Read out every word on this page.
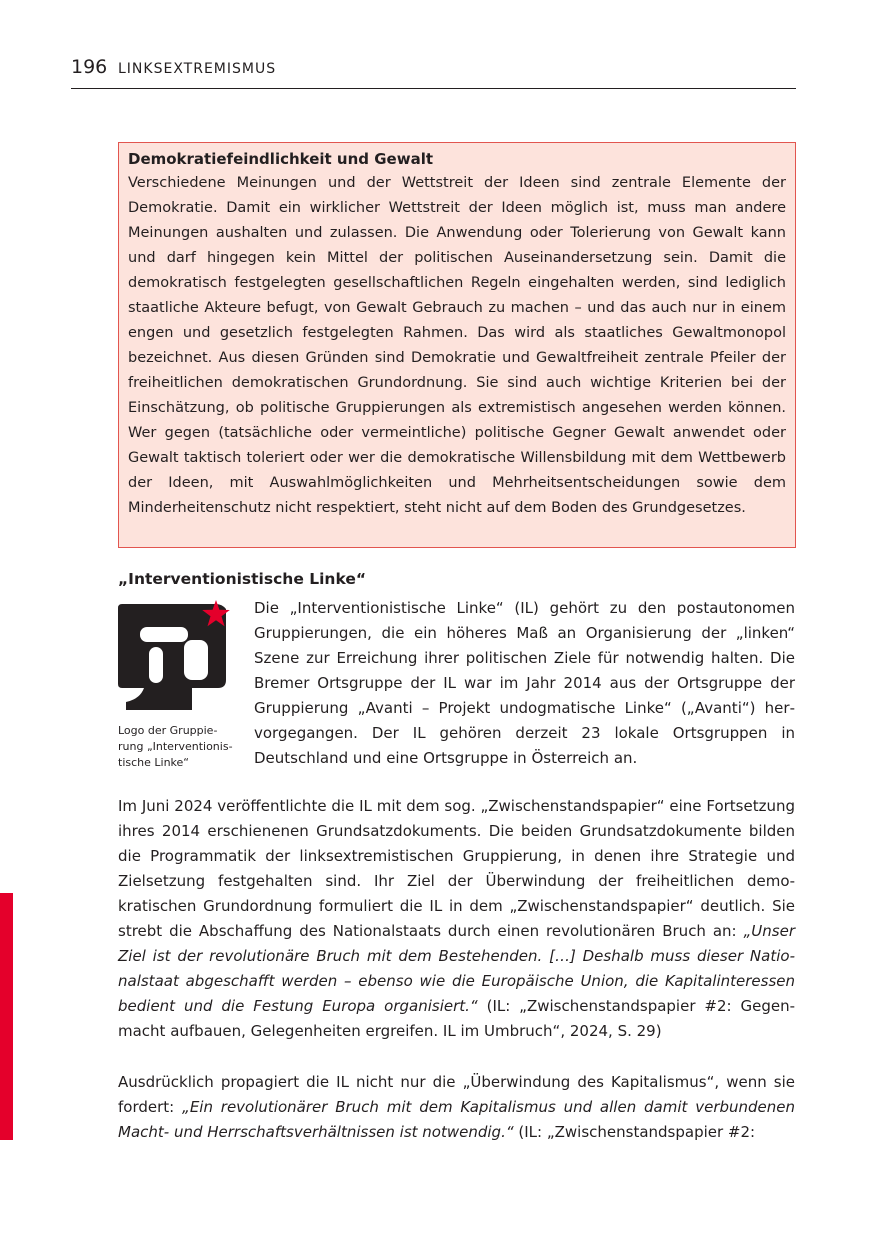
196 LINKSEXTREMISMUS
Demokratiefeindlichkeit und Gewalt
Verschiedene Meinungen und der Wettstreit der Ideen sind zentrale Elemente der Demokratie. Damit ein wirklicher Wettstreit der Ideen möglich ist, muss man andere Meinungen aushalten und zulassen. Die Anwendung oder Tolerierung von Gewalt kann und darf hingegen kein Mittel der politischen Auseinandersetzung sein. Damit die demokratisch festgelegten gesellschaftlichen Regeln eingehalten werden, sind lediglich staatliche Akteure befugt, von Gewalt Gebrauch zu machen – und das auch nur in einem engen und gesetzlich festgelegten Rahmen. Das wird als staatliches Gewaltmonopol bezeichnet. Aus diesen Gründen sind Demokratie und Gewaltfreiheit zentrale Pfeiler der freiheitlichen demokratischen Grundordnung. Sie sind auch wichtige Kriterien bei der Einschätzung, ob politische Gruppierungen als extremistisch angesehen werden können. Wer gegen (tatsächliche oder vermeintliche) politische Gegner Gewalt anwendet oder Gewalt taktisch toleriert oder wer die demokratische Willensbildung mit dem Wettbewerb der Ideen, mit Auswahlmöglichkeiten und Mehrheitsentscheidungen sowie dem Minderheitenschutz nicht respektiert, steht nicht auf dem Boden des Grundgesetzes.
„Interventionistische Linke“
Logo der Gruppierung „Interventionistische Linke“
Die „Interventionistische Linke“ (IL) gehört zu den postautonomen Gruppierungen, die ein höheres Maß an Organisierung der „linken“ Szene zur Erreichung ihrer politischen Ziele für notwendig halten. Die Bremer Ortsgruppe der IL war im Jahr 2014 aus der Ortsgruppe der Gruppierung „Avanti – Projekt undogmatische Linke“ („Avanti“) hervorgegangen. Der IL gehören derzeit 23 lokale Ortsgruppen in Deutschland und eine Ortsgruppe in Österreich an.
Im Juni 2024 veröffentlichte die IL mit dem sog. „Zwischenstandspapier“ eine Fortsetzung ihres 2014 erschienenen Grundsatzdokuments. Die beiden Grundsatzdokumente bilden die Programmatik der linksextremistischen Gruppierung, in denen ihre Strategie und Zielsetzung festgehalten sind. Ihr Ziel der Überwindung der freiheitlichen demokratischen Grundordnung formuliert die IL in dem „Zwischenstandspapier“ deutlich. Sie strebt die Abschaffung des Nationalstaats durch einen revolutionären Bruch an: „Unser Ziel ist der revolutionäre Bruch mit dem Bestehenden. […] Deshalb muss dieser Nationalstaat abgeschafft werden – ebenso wie die Europäische Union, die Kapitalinteressen bedient und die Festung Europa organisiert.“ (IL: „Zwischenstandspapier #2: Gegenmacht aufbauen, Gelegenheiten ergreifen. IL im Umbruch“, 2024, S. 29)
Ausdrücklich propagiert die IL nicht nur die „Überwindung des Kapitalismus“, wenn sie fordert: „Ein revolutionärer Bruch mit dem Kapitalismus und allen damit verbundenen Macht- und Herrschaftsverhältnissen ist notwendig.“ (IL: „Zwischenstandspapier #2:
